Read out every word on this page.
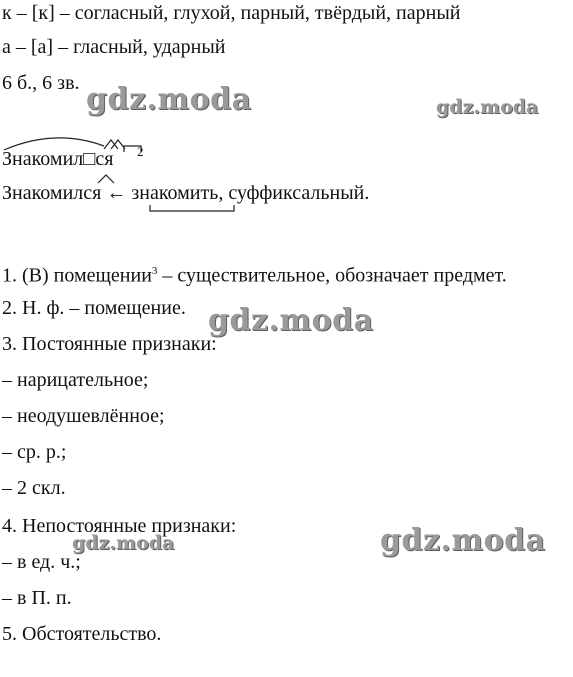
к – [к] – согласный, глухой, парный, твёрдый, парный
а – [а] – гласный, ударный
6 б., 6 зв.
Знакомил□ся 2
Знакомился ← знакомить, суффиксальный.
1. (В) помещении$^3$ – существительное, обозначает предмет.
2. Н. ф. – помещение.
3. Постоянные признаки:
– нарицательное;
– неодушевлённое;
– ср. р.;
– 2 скл.
4. Непостоянные признаки:
– в ед. ч.;
– в П. п.
5. Обстоятельство.
gdz.moda	gdz.moda
gdz.moda
gdz.moda
gdz.moda
